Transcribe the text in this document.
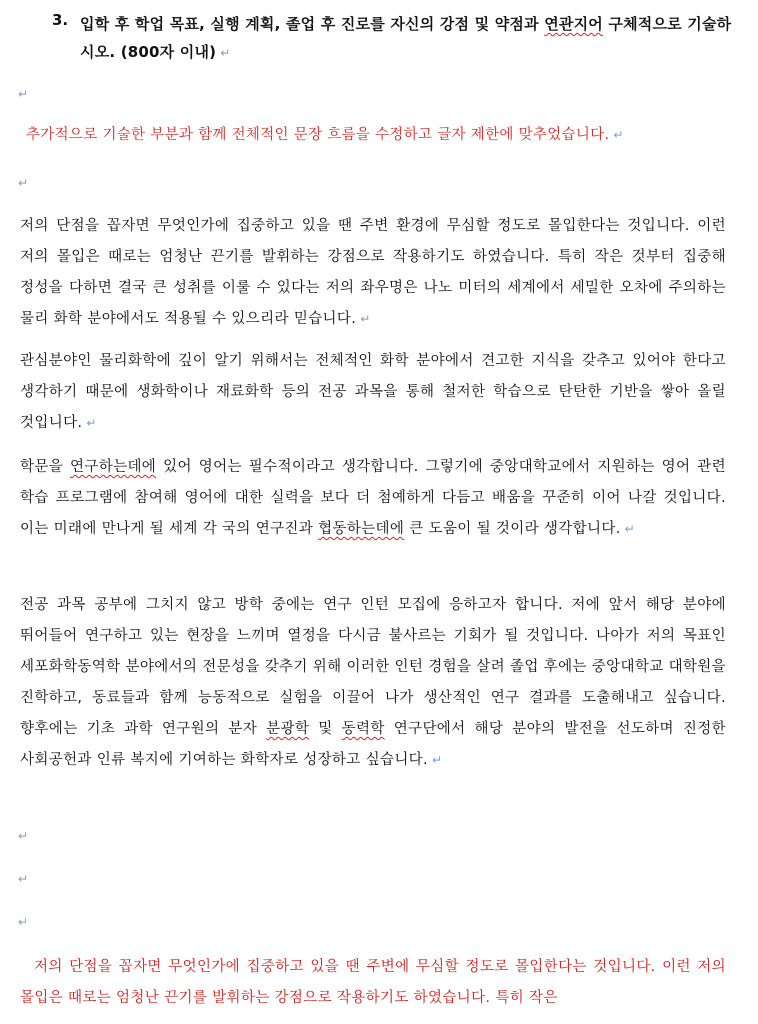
3. 입학 후 학업 목표, 실행 계획, 졸업 후 진로를 자신의 강점 및 약점과 연관지어 구체적으로 기술하시오. (800자 이내) ↵
↵
추가적으로 기술한 부분과 함께 전체적인 문장 흐름을 수정하고 글자 제한에 맞추었습니다. ↵
↵
저의 단점을 꼽자면 무엇인가에 집중하고 있을 땐 주변 환경에 무심할 정도로 몰입한다는 것입니다. 이런 저의 몰입은 때로는 엄청난 끈기를 발휘하는 강점으로 작용하기도 하였습니다. 특히 작은 것부터 집중해 정성을 다하면 결국 큰 성취를 이룰 수 있다는 저의 좌우명은 나노 미터의 세계에서 세밀한 오차에 주의하는 물리 화학 분야에서도 적용될 수 있으리라 믿습니다. ↵
관심분야인 물리화학에 깊이 알기 위해서는 전체적인 화학 분야에서 견고한 지식을 갖추고 있어야 한다고 생각하기 때문에 생화학이나 재료화학 등의 전공 과목을 통해 철저한 학습으로 탄탄한 기반을 쌓아 올릴 것입니다. ↵
학문을 연구하는데에 있어 영어는 필수적이라고 생각합니다. 그렇기에 중앙대학교에서 지원하는 영어 관련 학습 프로그램에 참여해 영어에 대한 실력을 보다 더 첨예하게 다듬고 배움을 꾸준히 이어 나갈 것입니다. 이는 미래에 만나게 될 세계 각 국의 연구진과 협동하는데에 큰 도움이 될 것이라 생각합니다. ↵
전공 과목 공부에 그치지 않고 방학 중에는 연구 인턴 모집에 응하고자 합니다. 저에 앞서 해당 분야에 뛰어들어 연구하고 있는 현장을 느끼며 열정을 다시금 불사르는 기회가 될 것입니다. 나아가 저의 목표인 세포화학동역학 분야에서의 전문성을 갖추기 위해 이러한 인턴 경험을 살려 졸업 후에는 중앙대학교 대학원을 진학하고, 동료들과 함께 능동적으로 실험을 이끌어 나가 생산적인 연구 결과를 도출해내고 싶습니다. 향후에는 기초 과학 연구원의 분자 분광학 및 동력학 연구단에서 해당 분야의 발전을 선도하며 진정한 사회공헌과 인류 복지에 기여하는 화학자로 성장하고 싶습니다. ↵
↵
↵
↵
저의 단점을 꼽자면 무엇인가에 집중하고 있을 땐 주변에 무심할 정도로 몰입한다는 것입니다. 이런 저의 몰입은 때로는 엄청난 끈기를 발휘하는 강점으로 작용하기도 하였습니다. 특히 작은
